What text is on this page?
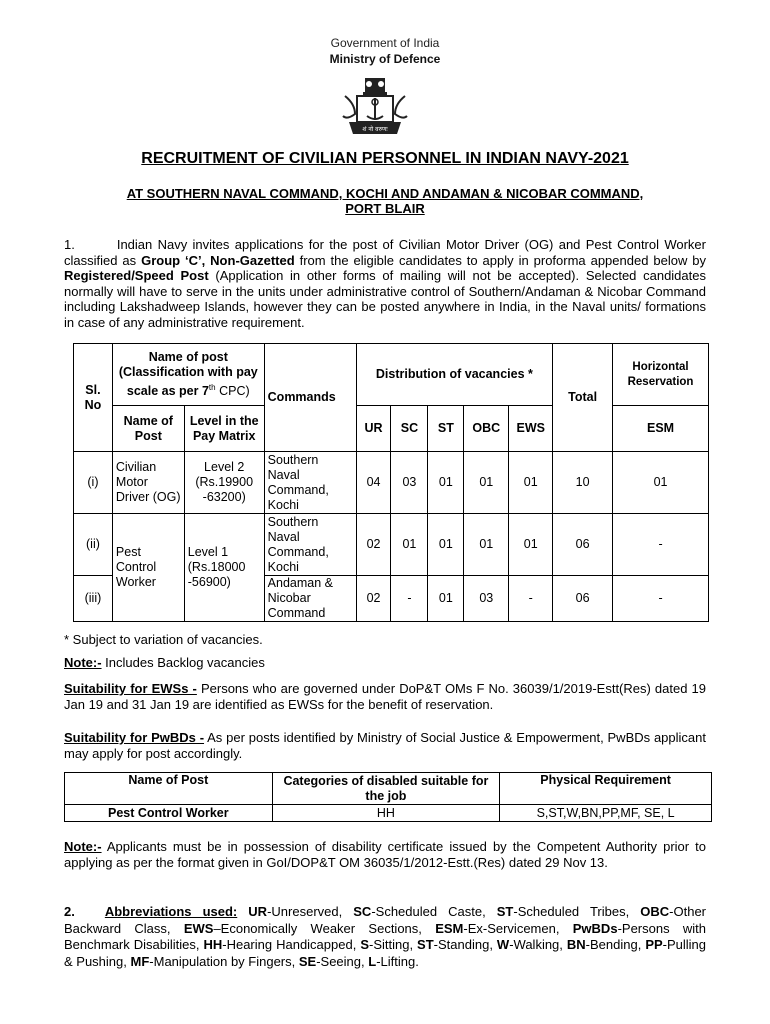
Government of India
Ministry of Defence
शं नो वरुणः
RECRUITMENT OF CIVILIAN PERSONNEL IN INDIAN NAVY-2021
AT SOUTHERN NAVAL COMMAND, KOCHI AND ANDAMAN & NICOBAR COMMAND,
PORT BLAIR
1.	Indian Navy invites applications for the post of Civilian Motor Driver (OG) and Pest Control Worker classified as Group ‘C’, Non-Gazetted from the eligible candidates to apply in proforma appended below by Registered/Speed Post (Application in other forms of mailing will not be accepted). Selected candidates normally will have to serve in the units under administrative control of Southern/Andaman & Nicobar Command including Lakshadweep Islands, however they can be posted anywhere in India, in the Naval units/ formations in case of any administrative requirement.
Sl. No	Name of post (Classification with pay scale as per 7th CPC)		Commands	Distribution of vacancies *					Total	Horizontal Reservation
	Name of Post	Level in the Pay Matrix		UR	SC	ST	OBC	EWS		ESM
(i)	Civilian Motor Driver (OG)	Level 2 (Rs.19900 -63200)	Southern Naval Command, Kochi	04	03	01	01	01	10	01
(ii)	Pest Control Worker	Level 1 (Rs.18000 -56900)	Southern Naval Command, Kochi	02	01	01	01	01	06	-
(iii)			Andaman & Nicobar Command	02	-	01	03	-	06	-
* Subject to variation of vacancies.
Note:- Includes Backlog vacancies
Suitability for EWSs - Persons who are governed under DoP&T OMs F No. 36039/1/2019-Estt(Res) dated 19 Jan 19 and 31 Jan 19 are identified as EWSs for the benefit of reservation.
Suitability for PwBDs - As per posts identified by Ministry of Social Justice & Empowerment, PwBDs applicant may apply for post accordingly.
Name of Post	Categories of disabled suitable for the job	Physical Requirement
Pest Control Worker	HH	S,ST,W,BN,PP,MF, SE, L
Note:- Applicants must be in possession of disability certificate issued by the Competent Authority prior to applying as per the format given in GoI/DOP&T OM 36035/1/2012-Estt.(Res) dated 29 Nov 13.
2. Abbreviations used: UR-Unreserved, SC-Scheduled Caste, ST-Scheduled Tribes, OBC-Other Backward Class, EWS–Economically Weaker Sections, ESM-Ex-Servicemen, PwBDs-Persons with Benchmark Disabilities, HH-Hearing Handicapped, S-Sitting, ST-Standing, W-Walking, BN-Bending, PP-Pulling & Pushing, MF-Manipulation by Fingers, SE-Seeing, L-Lifting.
